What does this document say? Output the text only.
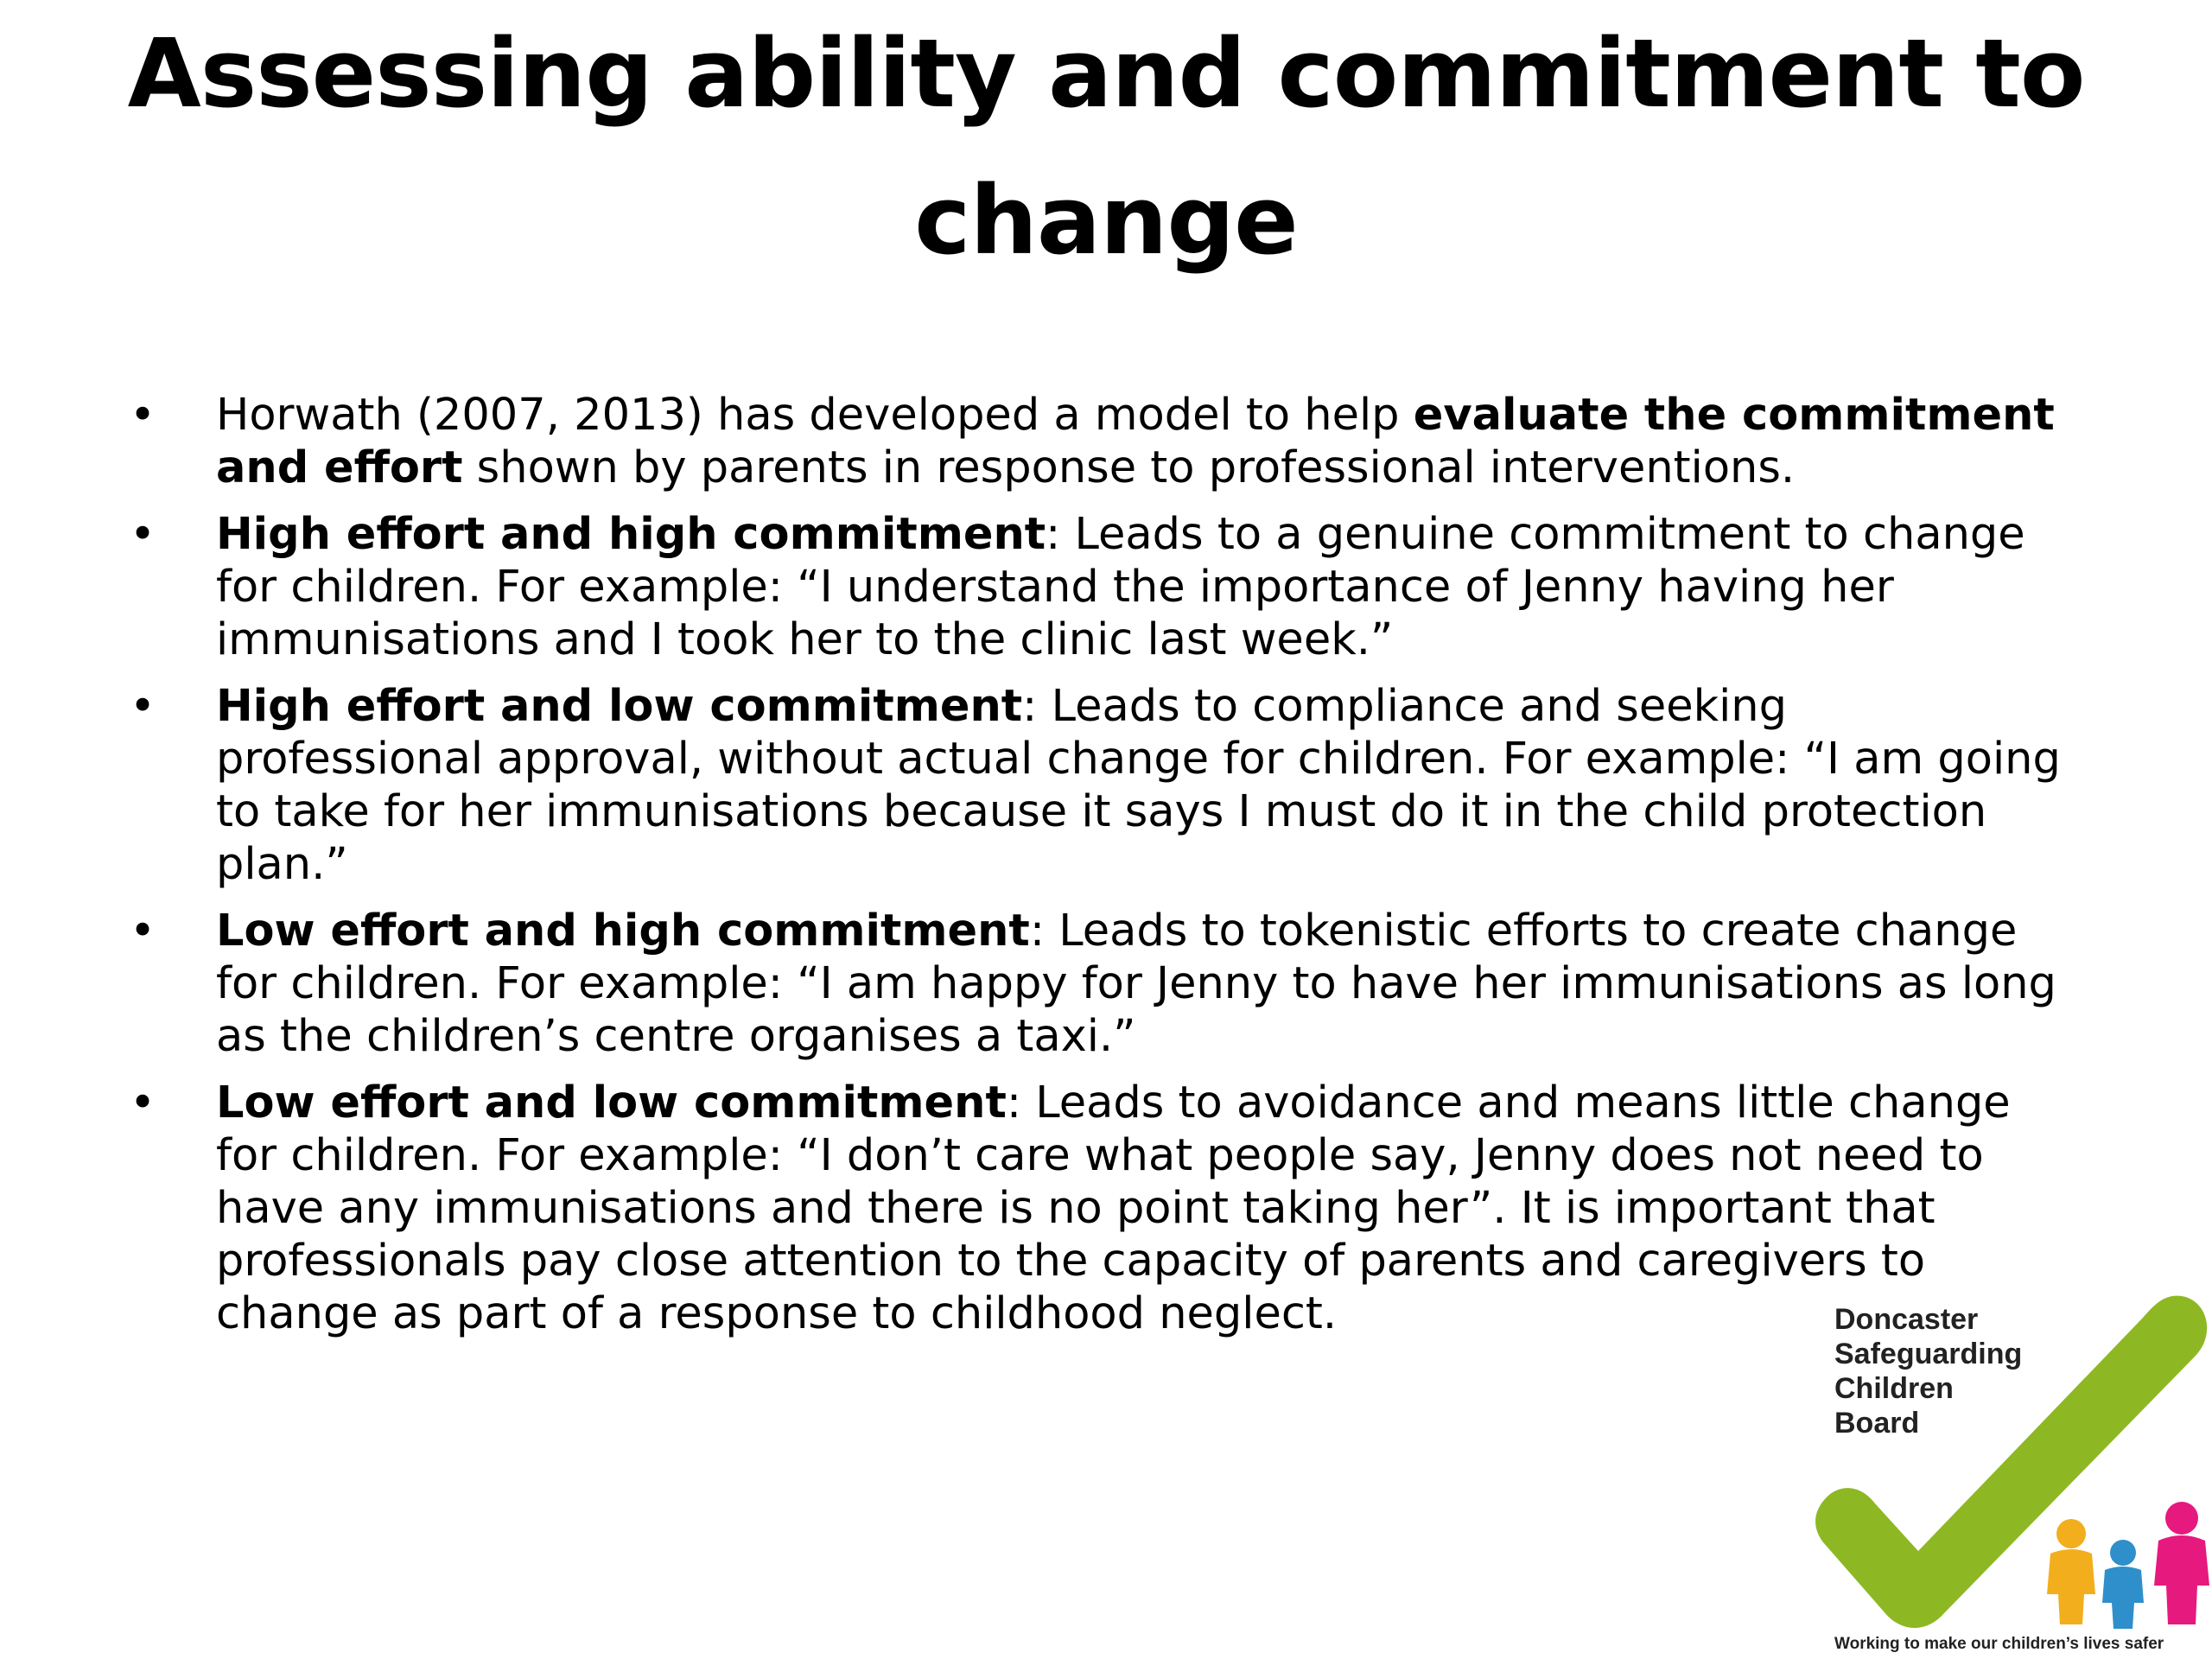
Assessing ability and commitment to
change
• Horwath (2007, 2013) has developed a model to help evaluate the commitment and effort shown by parents in response to professional interventions.
• High effort and high commitment: Leads to a genuine commitment to change for children. For example: “I understand the importance of Jenny having her immunisations and I took her to the clinic last week.”
• High effort and low commitment: Leads to compliance and seeking professional approval, without actual change for children. For example: “I am going to take for her immunisations because it says I must do it in the child protection plan.”
• Low effort and high commitment: Leads to tokenistic efforts to create change for children. For example: “I am happy for Jenny to have her immunisations as long as the children’s centre organises a taxi.”
• Low effort and low commitment: Leads to avoidance and means little change for children. For example: “I don’t care what people say, Jenny does not need to have any immunisations and there is no point taking her”. It is important that professionals pay close attention to the capacity of parents and caregivers to change as part of a response to childhood neglect.	Doncaster
Safeguarding
Children
Board
Working to make our children’s lives safer
